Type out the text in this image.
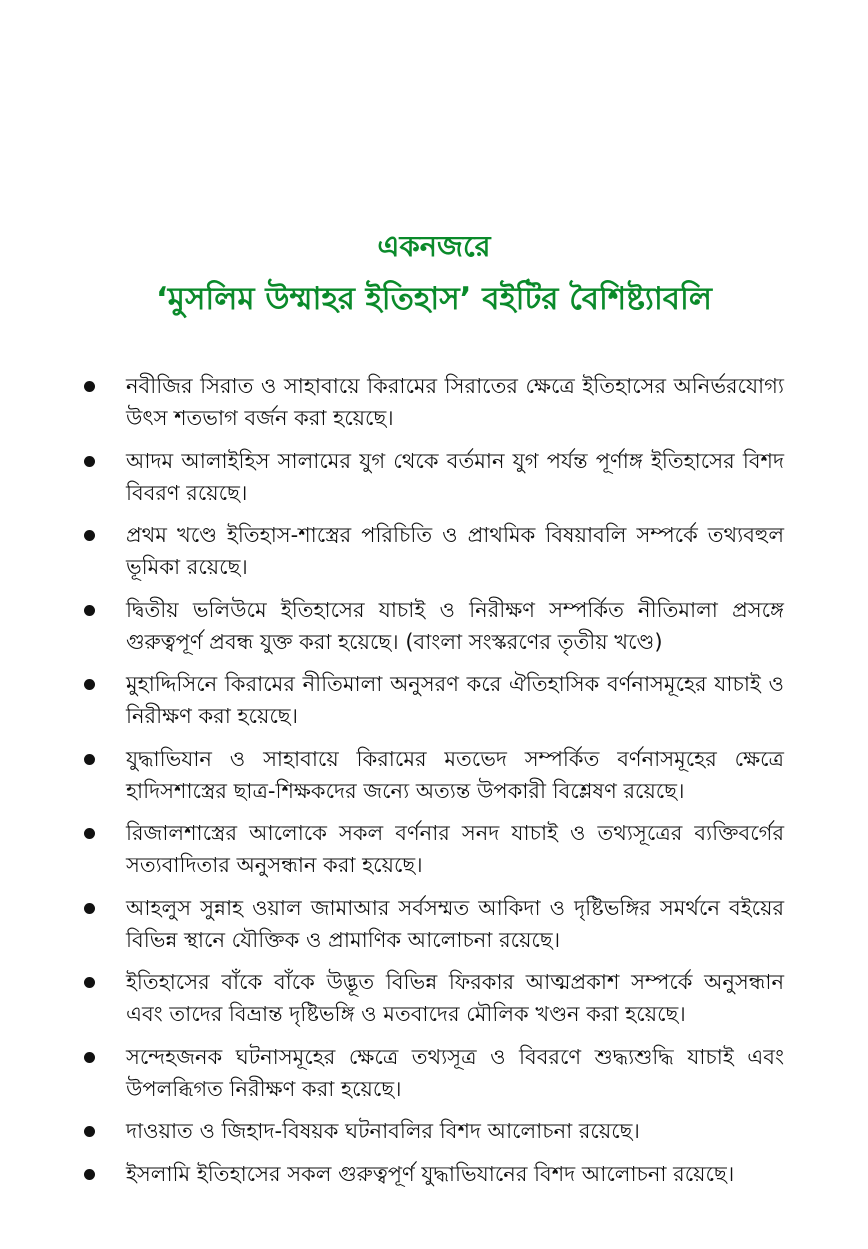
একনজরে
‘মুসলিম উম্মাহর ইতিহাস’ বইটির বৈশিষ্ট্যাবলি
নবীজির সিরাত ও সাহাবায়ে কিরামের সিরাতের ক্ষেত্রে ইতিহাসের অনির্ভরযোগ্য উৎস শতভাগ বর্জন করা হয়েছে।
আদম আলাইহিস সালামের যুগ থেকে বর্তমান যুগ পর্যন্ত পূর্ণাঙ্গ ইতিহাসের বিশদ বিবরণ রয়েছে।
প্রথম খণ্ডে ইতিহাস-শাস্ত্রের পরিচিতি ও প্রাথমিক বিষয়াবলি সম্পর্কে তথ্যবহুল ভূমিকা রয়েছে।
দ্বিতীয় ভলিউমে ইতিহাসের যাচাই ও নিরীক্ষণ সম্পর্কিত নীতিমালা প্রসঙ্গে গুরুত্বপূর্ণ প্রবন্ধ যুক্ত করা হয়েছে। (বাংলা সংস্করণের তৃতীয় খণ্ডে)
মুহাদ্দিসিনে কিরামের নীতিমালা অনুসরণ করে ঐতিহাসিক বর্ণনাসমূহের যাচাই ও নিরীক্ষণ করা হয়েছে।
যুদ্ধাভিযান ও সাহাবায়ে কিরামের মতভেদ সম্পর্কিত বর্ণনাসমূহের ক্ষেত্রে হাদিসশাস্ত্রের ছাত্র-শিক্ষকদের জন্যে অত্যন্ত উপকারী বিশ্লেষণ রয়েছে।
রিজালশাস্ত্রের আলোকে সকল বর্ণনার সনদ যাচাই ও তথ্যসূত্রের ব্যক্তিবর্গের সত্যবাদিতার অনুসন্ধান করা হয়েছে।
আহলুস সুন্নাহ ওয়াল জামাআর সর্বসম্মত আকিদা ও দৃষ্টিভঙ্গির সমর্থনে বইয়ের বিভিন্ন স্থানে যৌক্তিক ও প্রামাণিক আলোচনা রয়েছে।
ইতিহাসের বাঁকে বাঁকে উদ্ভূত বিভিন্ন ফিরকার আত্মপ্রকাশ সম্পর্কে অনুসন্ধান এবং তাদের বিভ্রান্ত দৃষ্টিভঙ্গি ও মতবাদের মৌলিক খণ্ডন করা হয়েছে।
সন্দেহজনক ঘটনাসমূহের ক্ষেত্রে তথ্যসূত্র ও বিবরণে শুদ্ধ্যশুদ্ধি যাচাই এবং উপলব্ধিগত নিরীক্ষণ করা হয়েছে।
দাওয়াত ও জিহাদ-বিষয়ক ঘটনাবলির বিশদ আলোচনা রয়েছে।
ইসলামি ইতিহাসের সকল গুরুত্বপূর্ণ যুদ্ধাভিযানের বিশদ আলোচনা রয়েছে।
